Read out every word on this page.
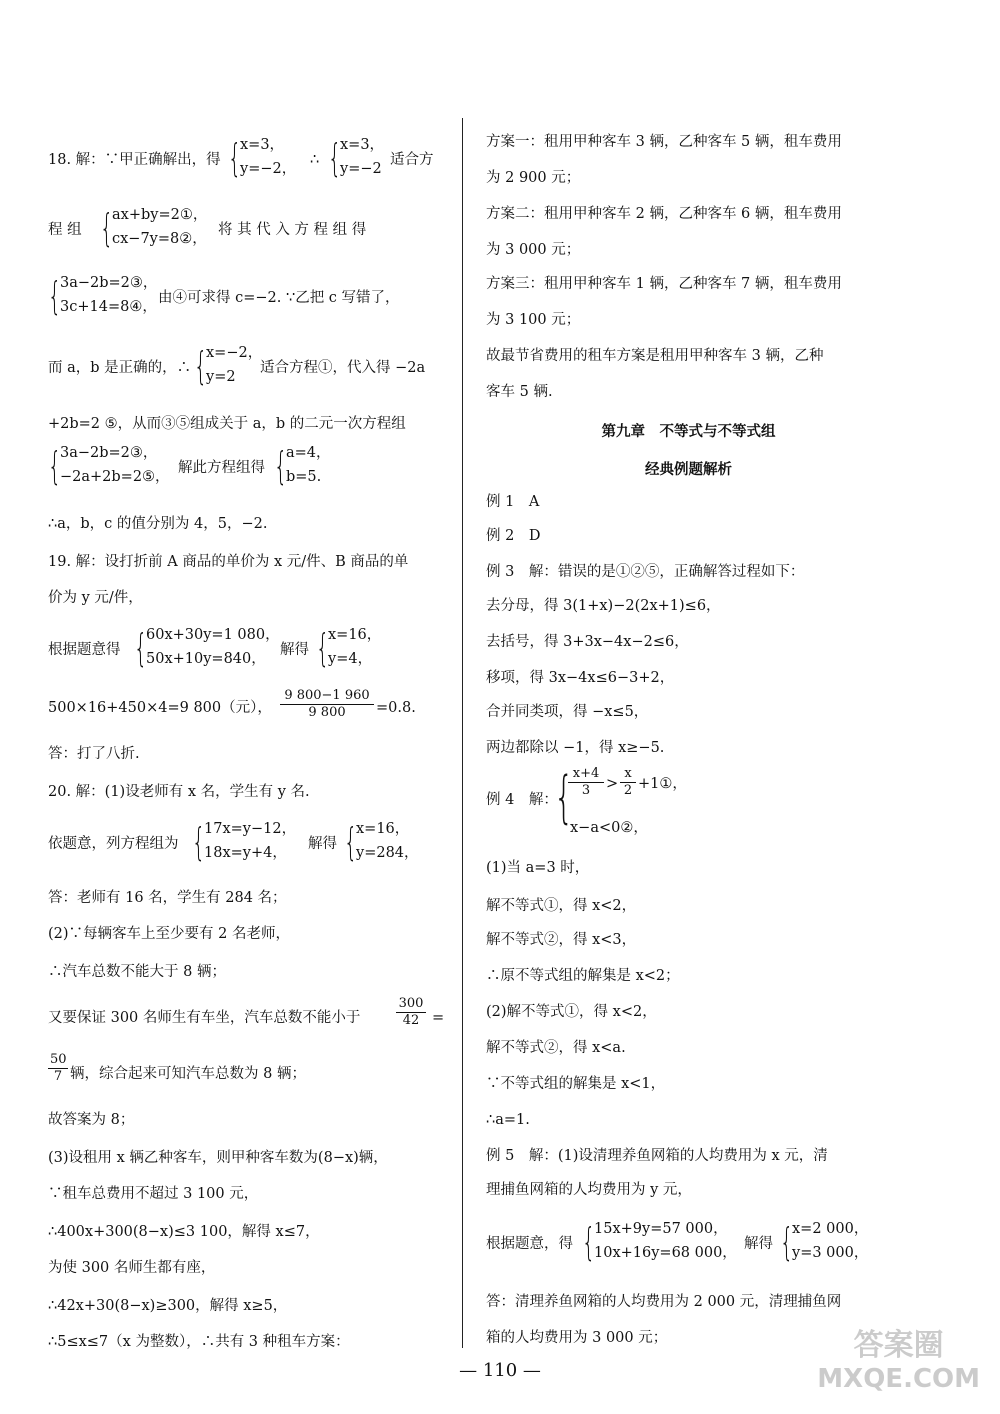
18. 解：∵甲正确解出，得 {
x=3，
y=−2，
∴ {
x=3，
y=−2
适合方
程 组 {
ax+by=2①，
cx−7y=8②，
将 其 代 入 方 程 组 得
{
3a−2b=2③，
3c+14=8④，
由④可求得 c=−2. ∵乙把 c 写错了，
而 a，b 是正确的，∴ {
x=−2，
y=2
适合方程①，代入得 −2a
+2b=2 ⑤，从而③⑤组成关于 a，b 的二元一次方程组
{
3a−2b=2③，
−2a+2b=2⑤，
解此方程组得 {
a=4，
b=5.
∴a，b，c 的值分别为 4，5，−2.
19. 解：设打折前 A 商品的单价为 x 元/件、B 商品的单
价为 y 元/件，
根据题意得 {
60x+30y=1 080，
50x+10y=840，
解得 {
x=16，
y=4，
500×16+450×4=9 800（元）， $\frac{9 800-1 960}{9 800} =0.8$.
答：打了八折.
20. 解：(1)设老师有 x 名，学生有 y 名.
依题意，列方程组为 {
17x=y−12，
18x=y+4，
解得 {
x=16，
y=284，
答：老师有 16 名，学生有 284 名；
(2)∵每辆客车上至少要有 2 名老师，
∴汽车总数不能大于 8 辆；
又要保证 300 名师生有车坐，汽车总数不能小于	$\frac{300}{42}$ =
$\frac{50}{7}$ 辆，综合起来可知汽车总数为 8 辆；
故答案为 8；
(3)设租用 x 辆乙种客车，则甲种客车数为(8−x)辆，
∵租车总费用不超过 3 100 元，
∴400x+300(8−x)≤3 100，解得 x≤7，
为使 300 名师生都有座，
∴42x+30(8−x)≥300，解得 x≥5，
∴5≤x≤7（x 为整数），∴共有 3 种租车方案：
方案一：租用甲种客车 3 辆，乙种客车 5 辆，租车费用
为 2 900 元；
方案二：租用甲种客车 2 辆，乙种客车 6 辆，租车费用
为 3 000 元；
方案三：租用甲种客车 1 辆，乙种客车 7 辆，租车费用
为 3 100 元；
故最节省费用的租车方案是租用甲种客车 3 辆，乙种
客车 5 辆.
第九章　不等式与不等式组
经典例题解析
例 1　A
例 2　D
例 3　解：错误的是①②⑤，正确解答过程如下：
去分母，得 3(1+x)−2(2x+1)≤6，
去括号，得 3+3x−4x−2≤6，
移项，得 3x−4x≤6−3+2，
合并同类项，得 −x≤5，
两边都除以 −1，得 x≥−5.
例 4　解：
{
$\frac{x+4}{3} > \frac{x}{2}$ +1①，
x−a<0②，
(1)当 a=3 时，
解不等式①，得 x<2，
解不等式②，得 x<3，
∴原不等式组的解集是 x<2；
(2)解不等式①，得 x<2，
解不等式②，得 x<a.
∵不等式组的解集是 x<1，
∴a=1.
例 5　解：(1)设清理养鱼网箱的人均费用为 x 元，清
理捕鱼网箱的人均费用为 y 元，
根据题意，得 {
15x+9y=57 000，
10x+16y=68 000，
解得 {
x=2 000，
y=3 000，
答：清理养鱼网箱的人均费用为 2 000 元，清理捕鱼网
箱的人均费用为 3 000 元；
— 110 —
答案圈
MXQE.COM
